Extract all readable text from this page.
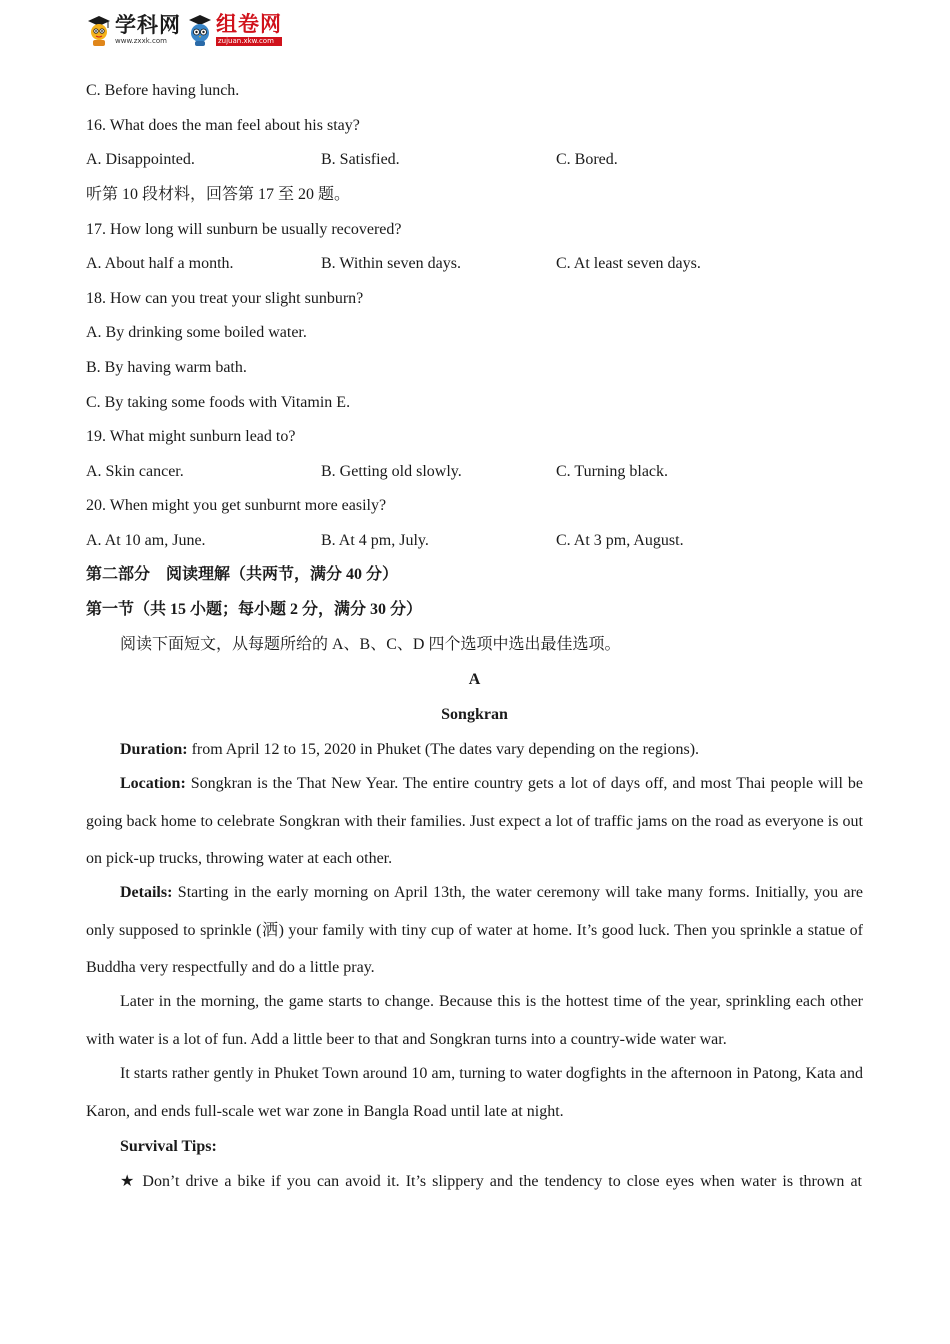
学科网
www.zxxk.com
组卷网
zujuan.xkw.com
C. Before having lunch.
16. What does the man feel about his stay?
A. Disappointed.	B. Satisfied.	C. Bored.
听第 10 段材料，回答第 17 至 20 题。
17. How long will sunburn be usually recovered?
A. About half a month.	B. Within seven days.	C. At least seven days.
18. How can you treat your slight sunburn?
A. By drinking some boiled water.
B. By having warm bath.
C. By taking some foods with Vitamin E.
19. What might sunburn lead to?
A. Skin cancer.	B. Getting old slowly.	C. Turning black.
20. When might you get sunburnt more easily?
A. At 10 am, June.	B. At 4 pm, July.	C. At 3 pm, August.
第二部分　阅读理解（共两节，满分 40 分）
第一节（共 15 小题；每小题 2 分，满分 30 分）
阅读下面短文，从每题所给的 A、B、C、D 四个选项中选出最佳选项。
A
Songkran
Duration: from April 12 to 15, 2020 in Phuket (The dates vary depending on the regions).
Location: Songkran is the That New Year. The entire country gets a lot of days off, and most Thai people will be going back home to celebrate Songkran with their families. Just expect a lot of traffic jams on the road as everyone is out on pick-up trucks, throwing water at each other.
Details: Starting in the early morning on April 13th, the water ceremony will take many forms. Initially, you are only supposed to sprinkle (洒) your family with tiny cup of water at home. It’s good luck. Then you sprinkle a statue of Buddha very respectfully and do a little pray.
Later in the morning, the game starts to change. Because this is the hottest time of the year, sprinkling each other with water is a lot of fun. Add a little beer to that and Songkran turns into a country-wide water war.
It starts rather gently in Phuket Town around 10 am, turning to water dogfights in the afternoon in Patong, Kata and Karon, and ends full-scale wet war zone in Bangla Road until late at night.
Survival Tips:
★ Don’t drive a bike if you can avoid it. It’s slippery and the tendency to close eyes when water is thrown at
